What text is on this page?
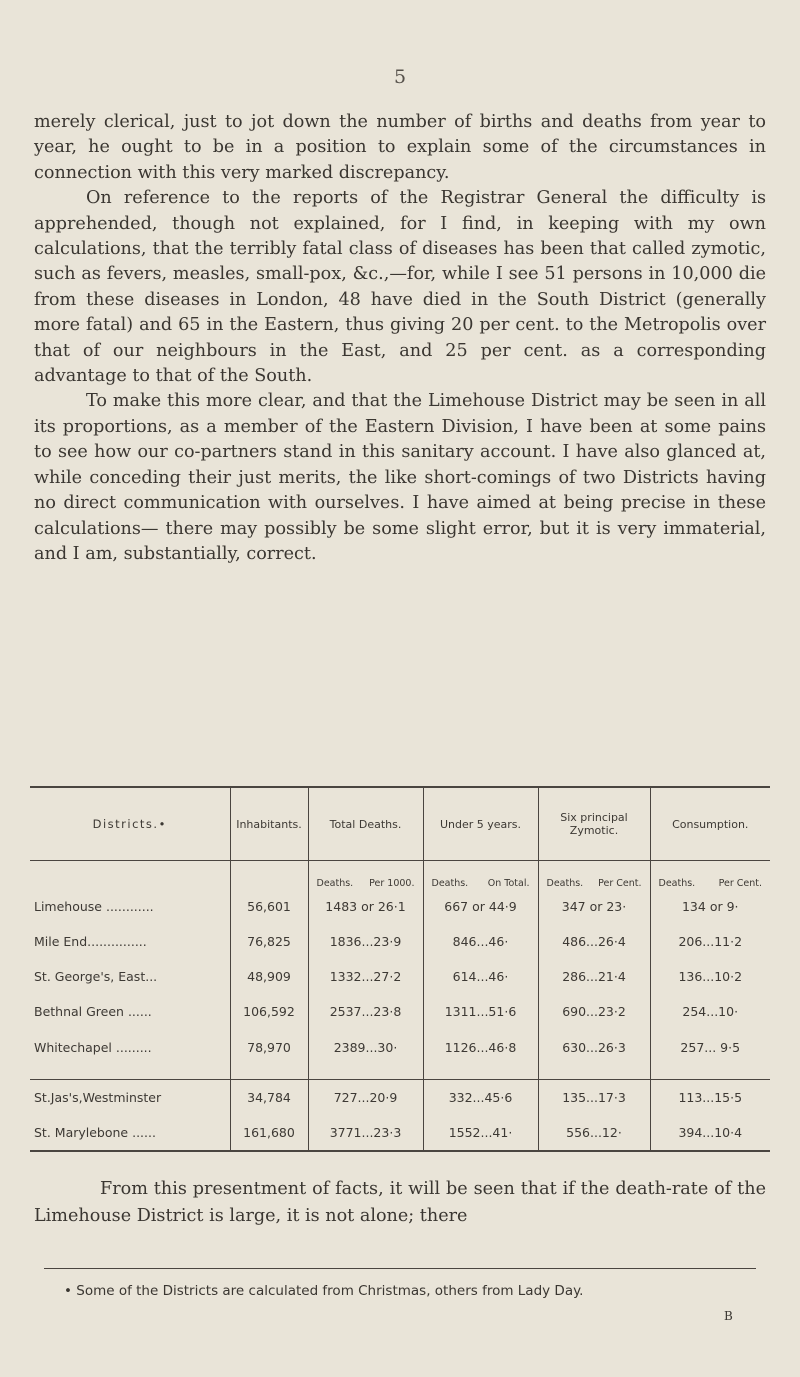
5

merely clerical, just to jot down the number of births and deaths from year to year, he ought to be in a position to explain some of the circumstances in connection with this very marked discrepancy.

On reference to the reports of the Registrar General the difficulty is apprehended, though not explained, for I find, in keeping with my own calculations, that the terribly fatal class of diseases has been that called zymotic, such as fevers, measles, small-pox, &c.,—for, while I see 51 persons in 10,000 die from these diseases in London, 48 have died in the South District (generally more fatal) and 65 in the Eastern, thus giving 20 per cent. to the Metropolis over that of our neighbours in the East, and 25 per cent. as a corresponding advantage to that of the South.

To make this more clear, and that the Limehouse District may be seen in all its proportions, as a member of the Eastern Division, I have been at some pains to see how our co-partners stand in this sanitary account. I have also glanced at, while conceding their just merits, the like short-comings of two Districts having no direct communication with ourselves. I have aimed at being precise in these calculations— there may possibly be some slight error, but it is very immaterial, and I am, substantially, correct.

Districts.•	Inhabitants.	Total Deaths.	Under 5 years.	Six principal Zymotic.	Consumption.

		Deaths. Per 1000.	Deaths. On Total.	Deaths. Per Cent.	Deaths. Per Cent.

Limehouse ............	56,601	1483 or 26·1	667 or 44·9	347 or 23·	134 or 9·
Mile End...............	76,825	1836...23·9	846...46·	486...26·4	206...11·2
St. George's, East...	48,909	1332...27·2	614...46·	286...21·4	136...10·2
Bethnal Green ......	106,592	2537...23·8	1311...51·6	690...23·2	254...10·
Whitechapel .........	78,970	2389...30·	1126...46·8	630...26·3	257... 9·5

St.Jas's,Westminster	34,784	727...20·9	332...45·6	135...17·3	113...15·5
St. Marylebone ......	161,680	3771...23·3	1552...41·	556...12·	394...10·4

From this presentment of facts, it will be seen that if the death-rate of the Limehouse District is large, it is not alone; there

• Some of the Districts are calculated from Christmas, others from Lady Day.
B
